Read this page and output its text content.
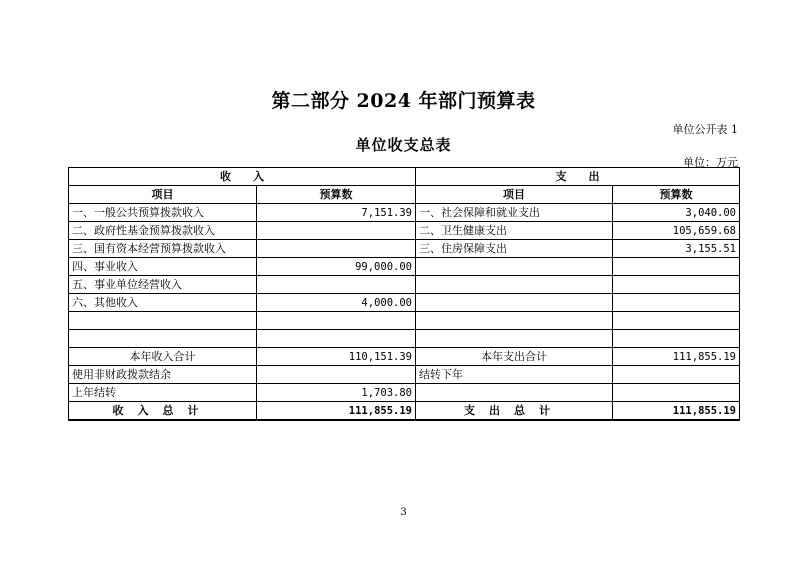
第二部分 2024 年部门预算表
单位公开表 1
单位收支总表
单位：万元
收　　入		支　　出	
项目	预算数	项目	预算数
一、一般公共预算拨款收入	7,151.39	一、社会保障和就业支出	3,040.00
二、政府性基金预算拨款收入		二、卫生健康支出	105,659.68
三、国有资本经营预算拨款收入		三、住房保障支出	3,155.51
四、事业收入	99,000.00		
五、事业单位经营收入			
六、其他收入	4,000.00		

本年收入合计	110,151.39	本年支出合计	111,855.19
使用非财政拨款结余		结转下年	
上年结转	1,703.80		
收入总计	111,855.19	支出总计	111,855.19
3
